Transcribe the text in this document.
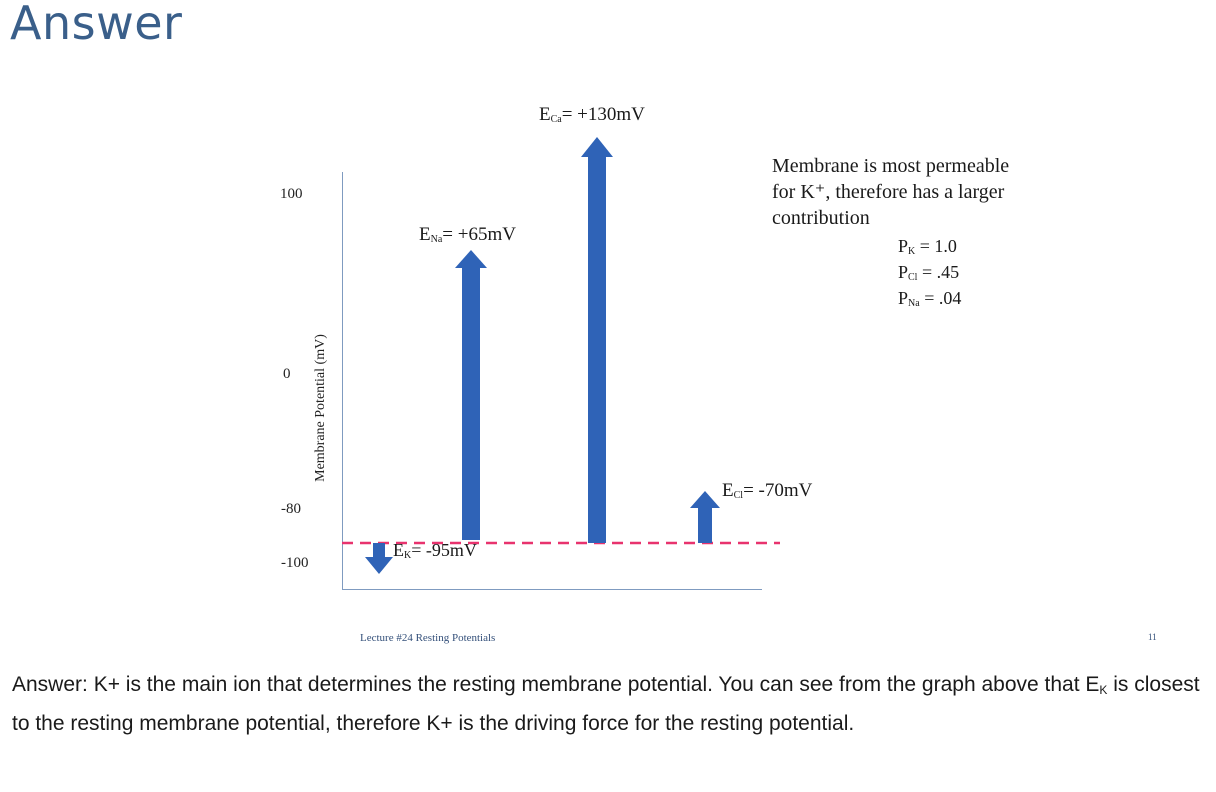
Answer
100
0
-80
-100
Membrane Potential (mV)
$E_K= -95mV$
$E_{Na}= +65mV$
$E_{Ca}= +130mV$
$E_{Cl}= -70mV$
Membrane is most permeable
for K⁺, therefore has a larger
contribution
$P_K = 1.0$
$P_{Cl} = .45$
$P_{Na} = .04$
Lecture #24 Resting Potentials	11
Answer: K+ is the main ion that determines the resting membrane potential. You can see from the graph above that $E_K$ is closest to the resting membrane potential, therefore K+ is the driving force for the resting potential.
